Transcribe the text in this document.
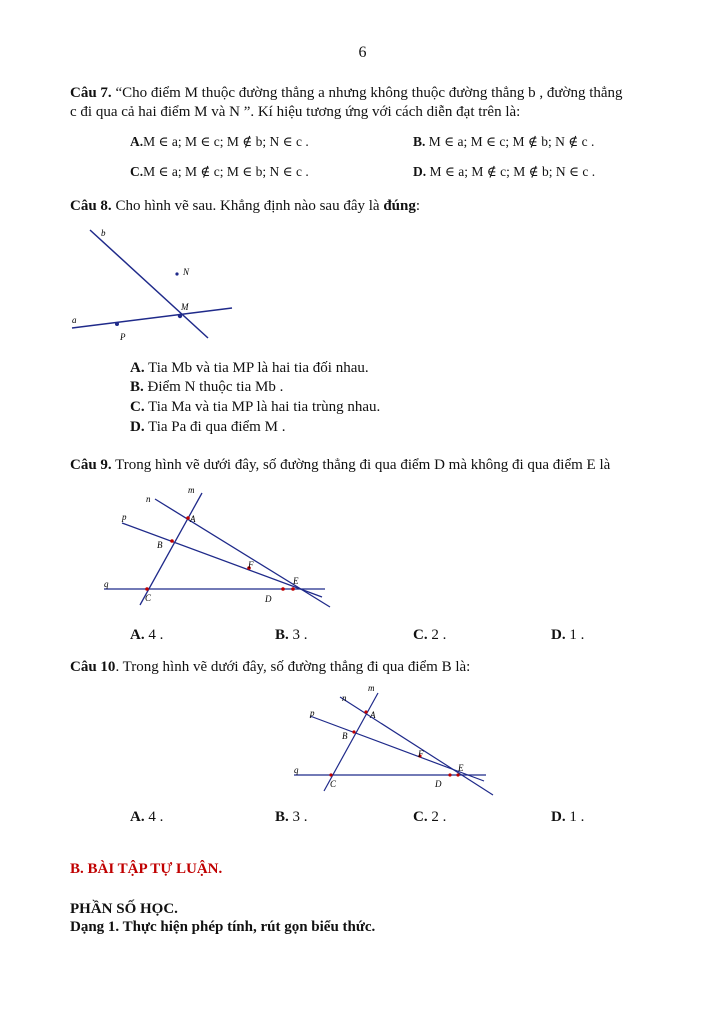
6
Câu 7. “Cho điểm M thuộc đường thẳng a nhưng không thuộc đường thẳng b , đường thẳng
c đi qua cả hai điểm M và N ”. Kí hiệu tương ứng với cách diễn đạt trên là:
A.M ∈ a; M ∈ c; M ∉ b; N ∈ c .	B. M ∈ a; M ∈ c; M ∉ b; N ∉ c .
C.M ∈ a; M ∉ c; M ∈ b; N ∈ c .	D. M ∈ a; M ∉ c; M ∉ b; N ∈ c .
Câu 8. Cho hình vẽ sau. Khẳng định nào sau đây là đúng:
b
N
M
a
P
A. Tia Mb và tia MP là hai tia đối nhau.
B. Điểm N thuộc tia Mb .
C. Tia Ma và tia MP là hai tia trùng nhau.
D. Tia Pa đi qua điểm M .
Câu 9. Trong hình vẽ dưới đây, số đường thẳng đi qua điểm D mà không đi qua điểm E là
m
n
p
q
A
B
C	D
E
F
A. 4 .	B. 3 .	C. 2 .	D. 1 .
Câu 10. Trong hình vẽ dưới đây, số đường thẳng đi qua điểm B là:
m
n
p
q
A
B
C	D
E
F
A. 4 .	B. 3 .	C. 2 .	D. 1 .
B. BÀI TẬP TỰ LUẬN.
PHẦN SỐ HỌC.
Dạng 1. Thực hiện phép tính, rút gọn biểu thức.
